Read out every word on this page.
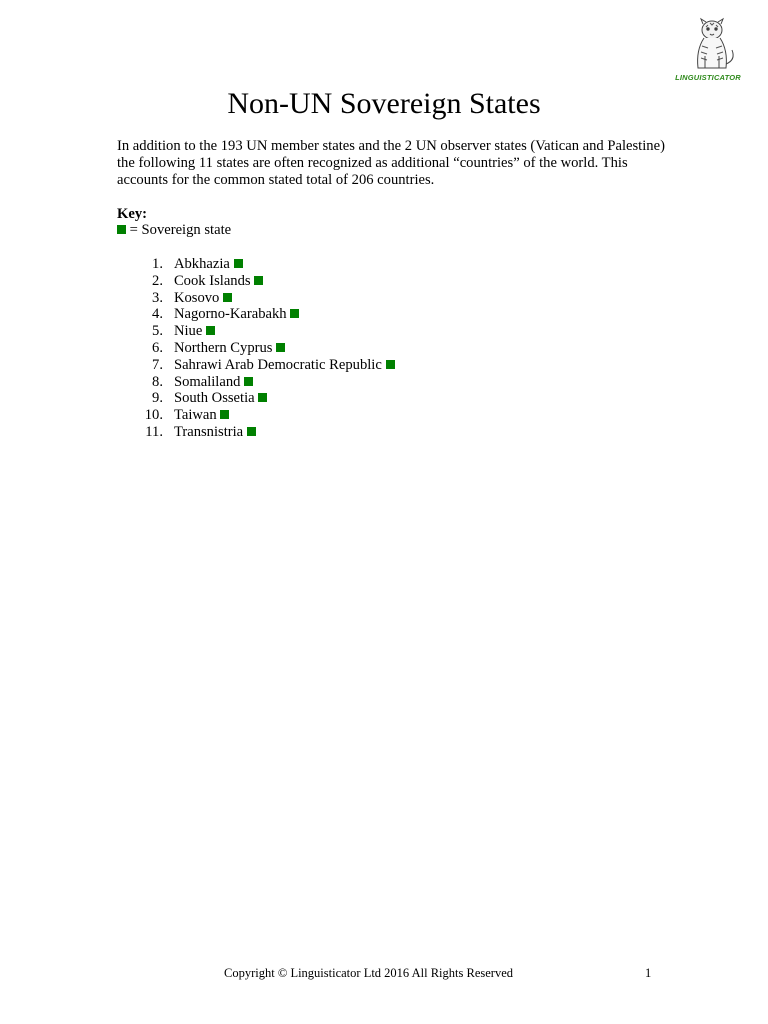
LINGUISTICATOR
Non-UN Sovereign States

In addition to the 193 UN member states and the 2 UN observer states (Vatican and Palestine) the following 11 states are often recognized as additional “countries” of the world. This accounts for the common stated total of 206 countries.

Key:
= Sovereign state
1. Abkhazia
2. Cook Islands
3. Kosovo
4. Nagorno-Karabakh
5. Niue
6. Northern Cyprus
7. Sahrawi Arab Democratic Republic
8. Somaliland
9. South Ossetia
10. Taiwan
11. Transnistria
Copyright © Linguisticator Ltd 2016 All Rights Reserved	1
